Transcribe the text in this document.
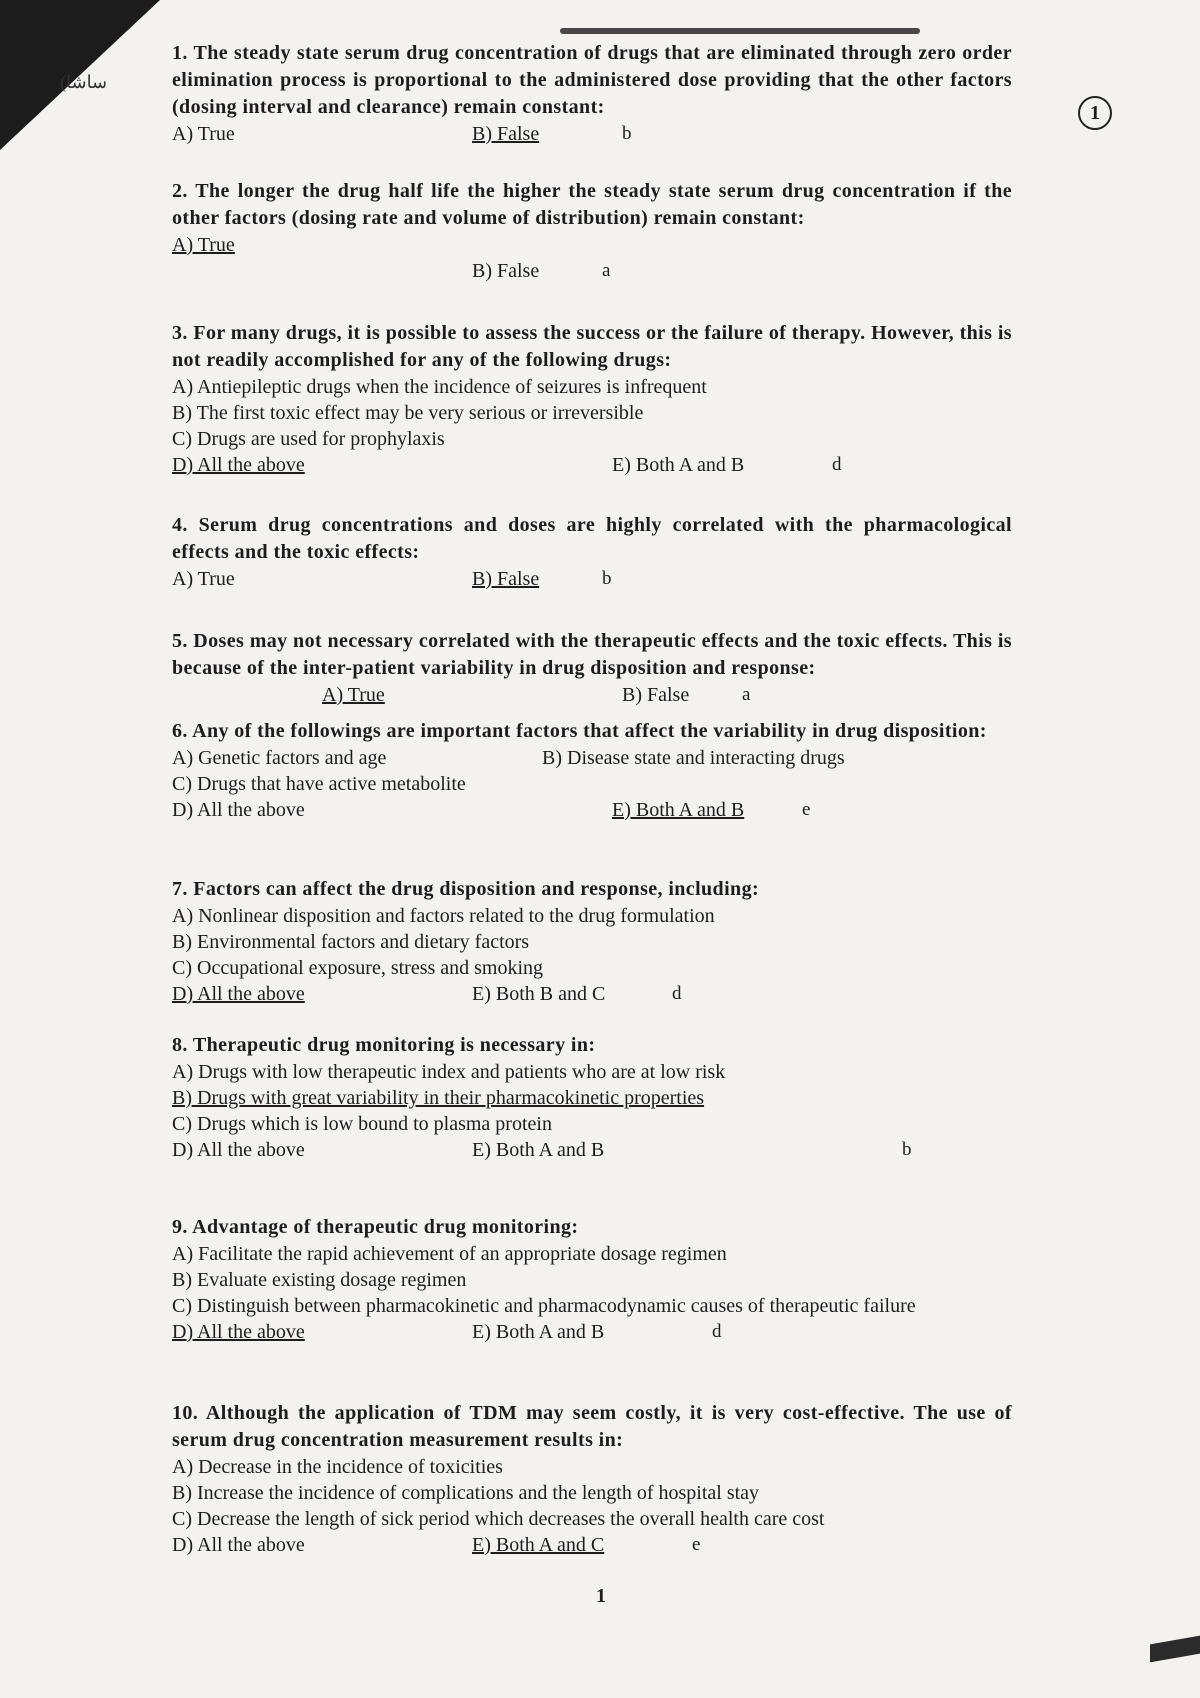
(ساشا
1
1. The steady state serum drug concentration of drugs that are eliminated through zero order elimination process is proportional to the administered dose providing that the other factors (dosing interval and clearance) remain constant:
A) True	B) False	b
2. The longer the drug half life the higher the steady state serum drug concentration if the other factors (dosing rate and volume of distribution) remain constant:
A) True
B) False	a
3. For many drugs, it is possible to assess the success or the failure of therapy. However, this is not readily accomplished for any of the following drugs:
A) Antiepileptic drugs when the incidence of seizures is infrequent
B) The first toxic effect may be very serious or irreversible
C) Drugs are used for prophylaxis
D) All the above	E) Both A and B	d
4. Serum drug concentrations and doses are highly correlated with the pharmacological effects and the toxic effects:
A) True	B) False	b
5. Doses may not necessary correlated with the therapeutic effects and the toxic effects. This is because of the inter-patient variability in drug disposition and response:
A) True	B) False	a
6. Any of the followings are important factors that affect the variability in drug disposition:
A) Genetic factors and age	B) Disease state and interacting drugs
C) Drugs that have active metabolite
D) All the above	E) Both A and B	e
7. Factors can affect the drug disposition and response, including:
A) Nonlinear disposition and factors related to the drug formulation
B) Environmental factors and dietary factors
C) Occupational exposure, stress and smoking
D) All the above	E) Both B and C	d
8. Therapeutic drug monitoring is necessary in:
A) Drugs with low therapeutic index and patients who are at low risk
B) Drugs with great variability in their pharmacokinetic properties
C) Drugs which is low bound to plasma protein
D) All the above	E) Both A and B	b
9. Advantage of therapeutic drug monitoring:
A) Facilitate the rapid achievement of an appropriate dosage regimen
B) Evaluate existing dosage regimen
C) Distinguish between pharmacokinetic and pharmacodynamic causes of therapeutic failure
D) All the above	E) Both A and B	d
10. Although the application of TDM may seem costly, it is very cost-effective. The use of serum drug concentration measurement results in:
A) Decrease in the incidence of toxicities
B) Increase the incidence of complications and the length of hospital stay
C) Decrease the length of sick period which decreases the overall health care cost
D) All the above	E) Both A and C	e
1
